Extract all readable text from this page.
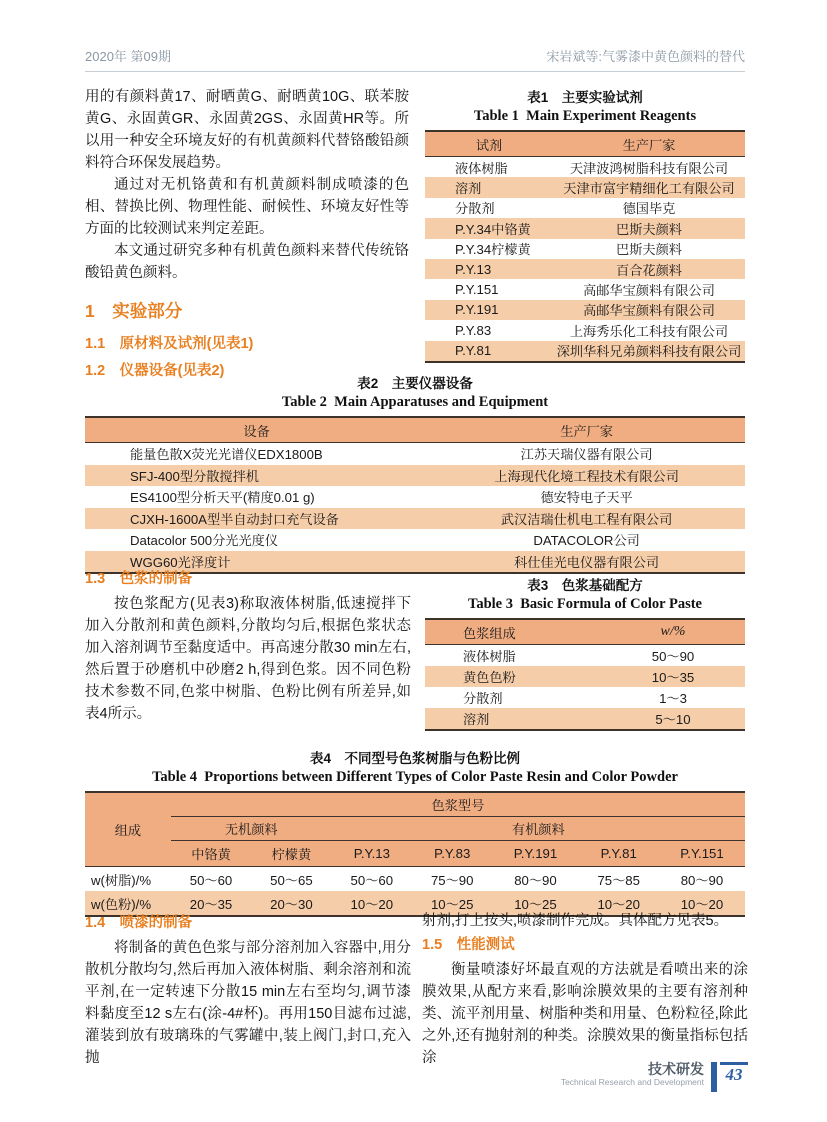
2020年 第09期	宋岩斌等:气雾漆中黄色颜料的替代
用的有颜料黄17、耐晒黄G、耐晒黄10G、联苯胺黄G、永固黄GR、永固黄2GS、永固黄HR等。所以用一种安全环境友好的有机黄颜料代替铬酸铅颜料符合环保发展趋势。
通过对无机铬黄和有机黄颜料制成喷漆的色相、替换比例、物理性能、耐候性、环境友好性等方面的比较测试来判定差距。
本文通过研究多种有机黄色颜料来替代传统铬酸铅黄色颜料。
1　实验部分
1.1　原材料及试剂(见表1)
1.2　仪器设备(见表2)
表1　主要实验试剂
Table 1  Main Experiment Reagents
试剂	生产厂家
液体树脂	天津波鸿树脂科技有限公司
溶剂	天津市富宇精细化工有限公司
分散剂	德国毕克
P.Y.34中铬黄	巴斯夫颜料
P.Y.34柠檬黄	巴斯夫颜料
P.Y.13	百合花颜料
P.Y.151	高邮华宝颜料有限公司
P.Y.191	高邮华宝颜料有限公司
P.Y.83	上海秀乐化工科技有限公司
P.Y.81	深圳华科兄弟颜料科技有限公司
表2　主要仪器设备
Table 2  Main Apparatuses and Equipment
设备	生产厂家
能量色散X荧光光谱仪EDX1800B	江苏天瑞仪器有限公司
SFJ-400型分散搅拌机	上海现代化境工程技术有限公司
ES4100型分析天平(精度0.01 g)	德安特电子天平
CJXH-1600A型半自动封口充气设备	武汉洁瑞仕机电工程有限公司
Datacolor 500分光光度仪	DATACOLOR公司
WGG60光泽度计	科仕佳光电仪器有限公司
1.3　色浆的制备
按色浆配方(见表3)称取液体树脂,低速搅拌下加入分散剂和黄色颜料,分散均匀后,根据色浆状态加入溶剂调节至黏度适中。再高速分散30 min左右,然后置于砂磨机中砂磨2 h,得到色浆。因不同色粉技术参数不同,色浆中树脂、色粉比例有所差异,如表4所示。
表3　色浆基础配方
Table 3  Basic Formula of Color Paste
色浆组成	w/%
液体树脂	50～90
黄色色粉	10～35
分散剂	1～3
溶剂	5～10
表4　不同型号色浆树脂与色粉比例
Table 4  Proportions between Different Types of Color Paste Resin and Color Powder
组成	色浆型号						
	无机颜料		有机颜料				
	中铬黄	柠檬黄	P.Y.13	P.Y.83	P.Y.191	P.Y.81	P.Y.151
w(树脂)/%	50～60	50～65	50～60	75～90	80～90	75～85	80～90
w(色粉)/%	20～35	20～30	10～20	10～25	10～25	10～20	10～20
1.4　喷漆的制备
将制备的黄色色浆与部分溶剂加入容器中,用分散机分散均匀,然后再加入液体树脂、剩余溶剂和流平剂,在一定转速下分散15 min左右至均匀,调节漆料黏度至12 s左右(涂-4#杯)。再用150目滤布过滤,灌装到放有玻璃珠的气雾罐中,装上阀门,封口,充入抛
射剂,打上按头,喷漆制作完成。具体配方见表5。
1.5　性能测试
衡量喷漆好坏最直观的方法就是看喷出来的涂膜效果,从配方来看,影响涂膜效果的主要有溶剂种类、流平剂用量、树脂种类和用量、色粉粒径,除此之外,还有抛射剂的种类。涂膜效果的衡量指标包括涂
技术研发
Technical Research and Development	43
